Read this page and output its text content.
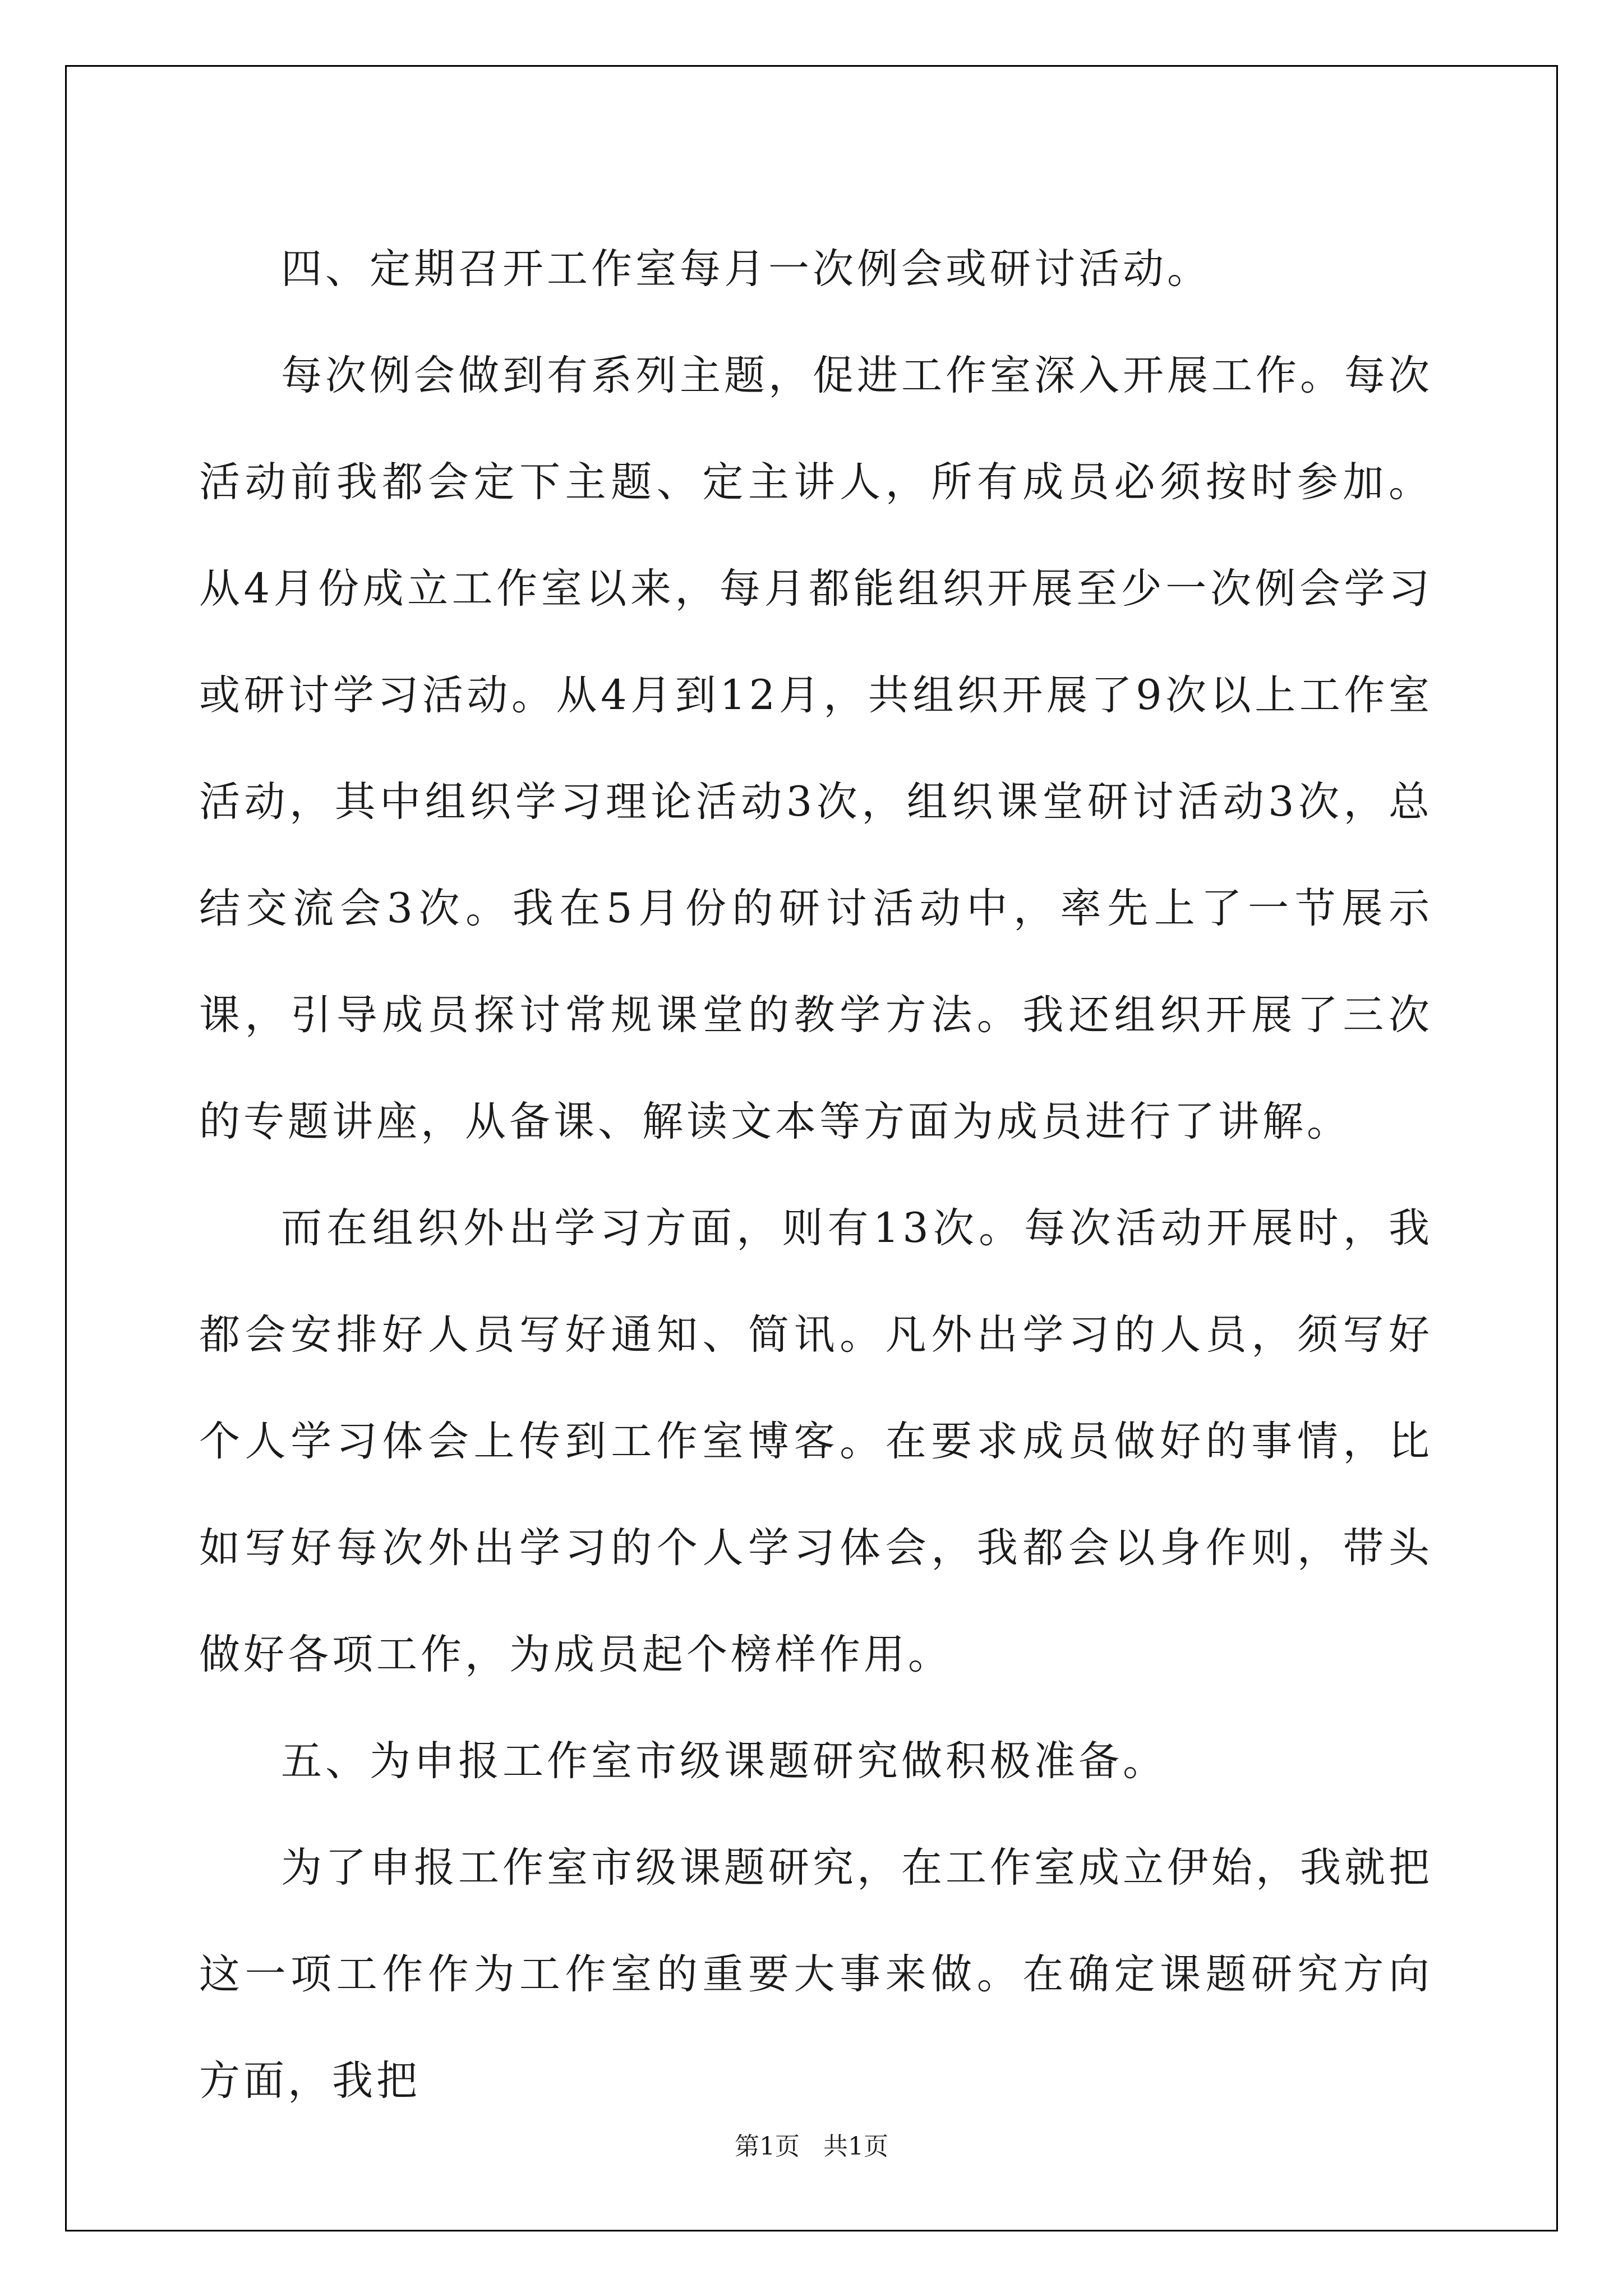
四、定期召开工作室每月一次例会或研讨活动。

每次例会做到有系列主题，促进工作室深入开展工作。每次活动前我都会定下主题、定主讲人，所有成员必须按时参加。从4月份成立工作室以来，每月都能组织开展至少一次例会学习或研讨学习活动。从4月到12月，共组织开展了9次以上工作室活动，其中组织学习理论活动3次，组织课堂研讨活动3次，总结交流会3次。我在5月份的研讨活动中，率先上了一节展示课，引导成员探讨常规课堂的教学方法。我还组织开展了三次的专题讲座，从备课、解读文本等方面为成员进行了讲解。

而在组织外出学习方面，则有13次。每次活动开展时，我都会安排好人员写好通知、简讯。凡外出学习的人员，须写好个人学习体会上传到工作室博客。在要求成员做好的事情，比如写好每次外出学习的个人学习体会，我都会以身作则，带头做好各项工作，为成员起个榜样作用。

五、为申报工作室市级课题研究做积极准备。

为了申报工作室市级课题研究，在工作室成立伊始，我就把这一项工作作为工作室的重要大事来做。在确定课题研究方向方面，我把

第1页   共1页
